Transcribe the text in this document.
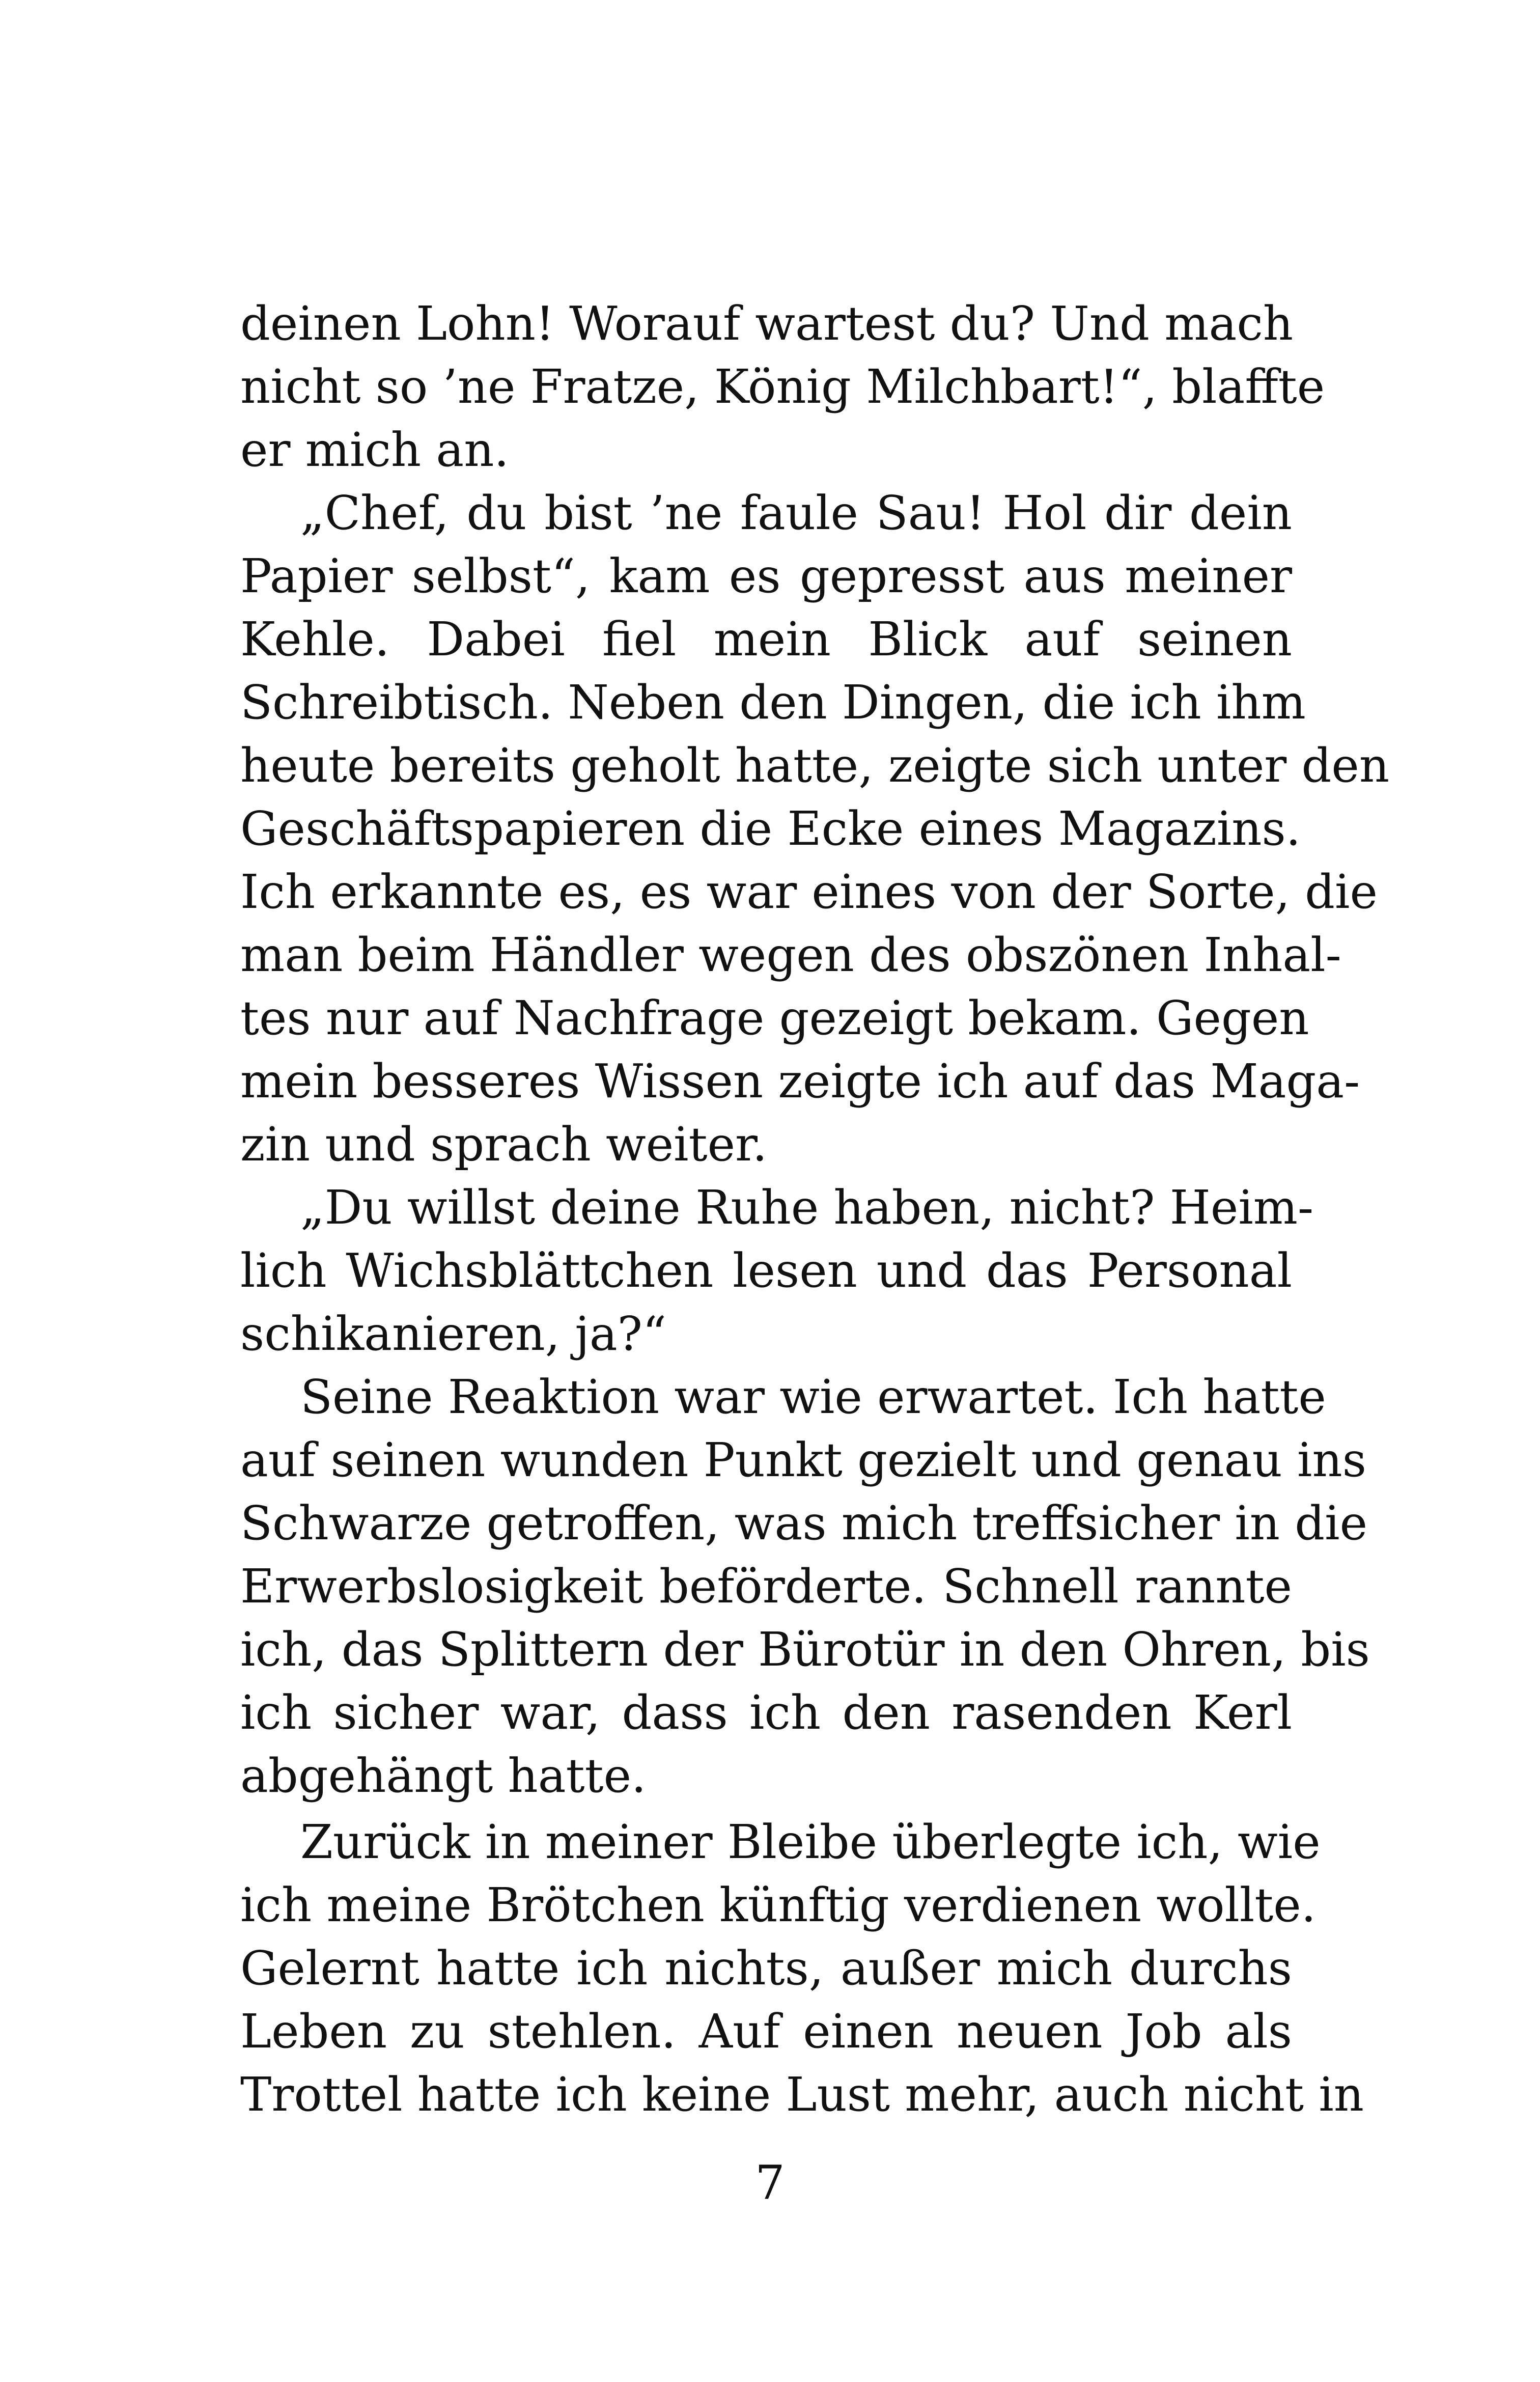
deinen Lohn! Worauf wartest du? Und mach
nicht so ’ne Fratze, König Milchbart!“, blaffte
er mich an.
„Chef, du bist ’ne faule Sau! Hol dir dein
Papier selbst“, kam es gepresst aus meiner
Kehle. Dabei fiel mein Blick auf seinen
Schreibtisch. Neben den Dingen, die ich ihm
heute bereits geholt hatte, zeigte sich unter den
Geschäftspapieren die Ecke eines Magazins.
Ich erkannte es, es war eines von der Sorte, die
man beim Händler wegen des obszönen Inhal-
tes nur auf Nachfrage gezeigt bekam. Gegen
mein besseres Wissen zeigte ich auf das Maga-
zin und sprach weiter.
„Du willst deine Ruhe haben, nicht? Heim-
lich Wichsblättchen lesen und das Personal
schikanieren, ja?“
Seine Reaktion war wie erwartet. Ich hatte
auf seinen wunden Punkt gezielt und genau ins
Schwarze getroffen, was mich treffsicher in die
Erwerbslosigkeit beförderte. Schnell rannte
ich, das Splittern der Bürotür in den Ohren, bis
ich sicher war, dass ich den rasenden Kerl
abgehängt hatte.
Zurück in meiner Bleibe überlegte ich, wie
ich meine Brötchen künftig verdienen wollte.
Gelernt hatte ich nichts, außer mich durchs
Leben zu stehlen. Auf einen neuen Job als
Trottel hatte ich keine Lust mehr, auch nicht in
7
